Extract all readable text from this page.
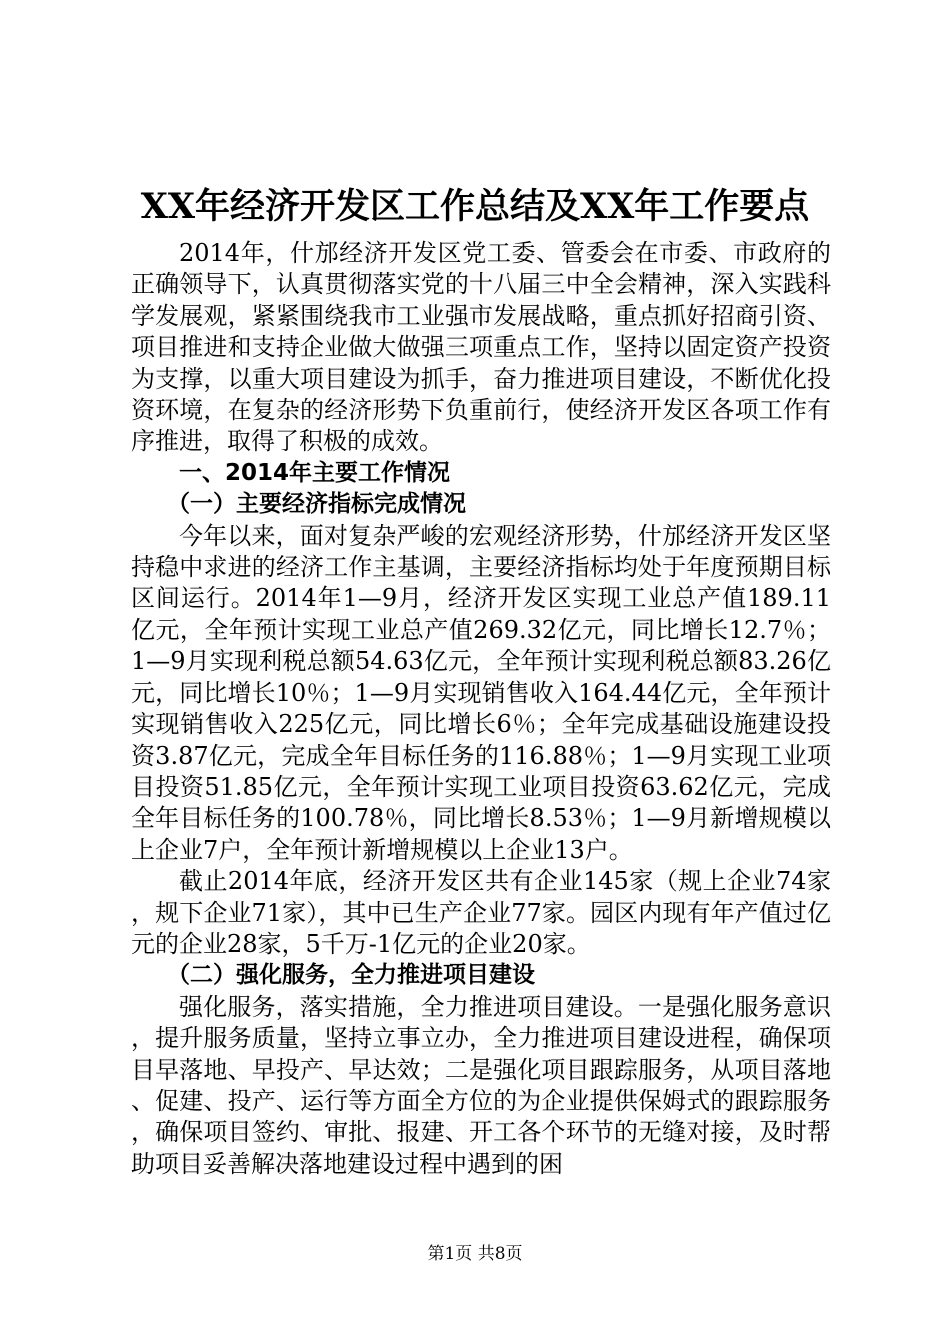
XX年经济开发区工作总结及XX年工作要点

2014年，什邡经济开发区党工委、管委会在市委、市政府的正确领导下，认真贯彻落实党的十八届三中全会精神，深入实践科学发展观，紧紧围绕我市工业强市发展战略，重点抓好招商引资、项目推进和支持企业做大做强三项重点工作，坚持以固定资产投资为支撑，以重大项目建设为抓手，奋力推进项目建设，不断优化投资环境，在复杂的经济形势下负重前行，使经济开发区各项工作有序推进，取得了积极的成效。

一、2014年主要工作情况

（一）主要经济指标完成情况

今年以来，面对复杂严峻的宏观经济形势，什邡经济开发区坚持稳中求进的经济工作主基调，主要经济指标均处于年度预期目标区间运行。2014年1—9月，经济开发区实现工业总产值189.11亿元，全年预计实现工业总产值269.32亿元，同比增长12.7％；1—9月实现利税总额54.63亿元，全年预计实现利税总额83.26亿元，同比增长10％；1—9月实现销售收入164.44亿元，全年预计实现销售收入225亿元，同比增长6％；全年完成基础设施建设投资3.87亿元，完成全年目标任务的116.88％；1—9月实现工业项目投资51.85亿元，全年预计实现工业项目投资63.62亿元，完成全年目标任务的100.78％，同比增长8.53％；1—9月新增规模以上企业7户，全年预计新增规模以上企业13户。

截止2014年底，经济开发区共有企业145家（规上企业74家，规下企业71家），其中已生产企业77家。园区内现有年产值过亿元的企业28家，5千万-1亿元的企业20家。

（二）强化服务，全力推进项目建设

强化服务，落实措施，全力推进项目建设。一是强化服务意识，提升服务质量，坚持立事立办，全力推进项目建设进程，确保项目早落地、早投产、早达效；二是强化项目跟踪服务，从项目落地、促建、投产、运行等方面全方位的为企业提供保姆式的跟踪服务，确保项目签约、审批、报建、开工各个环节的无缝对接，及时帮助项目妥善解决落地建设过程中遇到的困

第1页 共8页
